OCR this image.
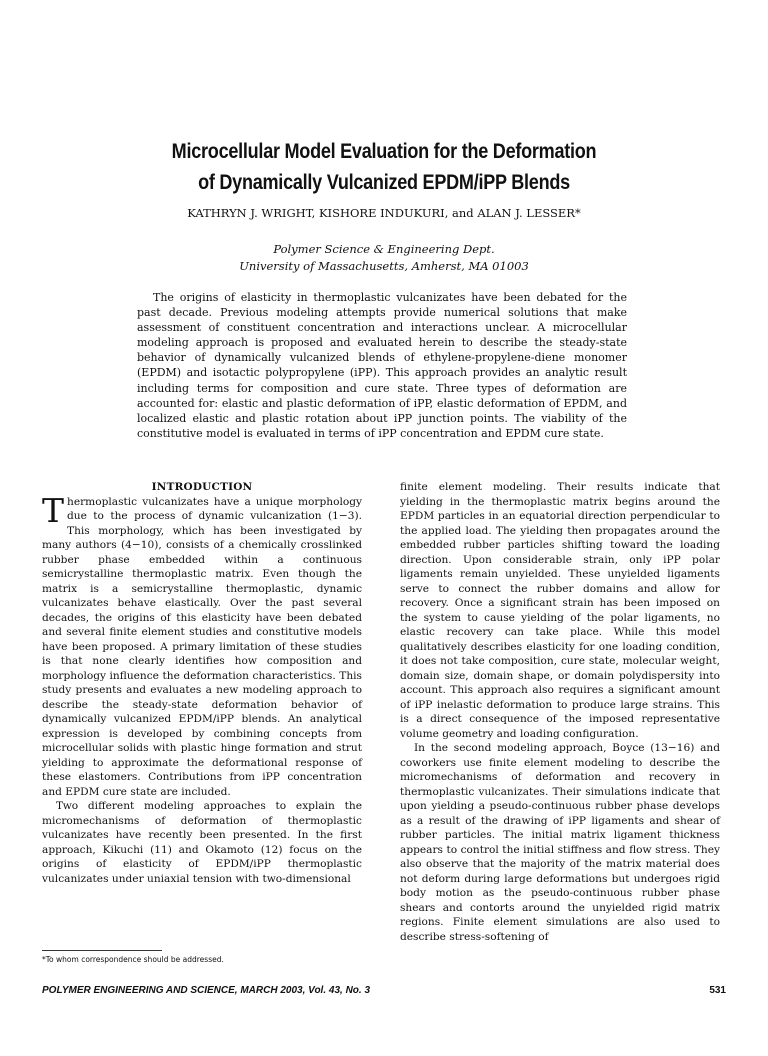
Microcellular Model Evaluation for the Deformation
of Dynamically Vulcanized EPDM/iPP Blends
KATHRYN J. WRIGHT, KISHORE INDUKURI, and ALAN J. LESSER*
Polymer Science & Engineering Dept.
University of Massachusetts, Amherst, MA 01003
The origins of elasticity in thermoplastic vulcanizates have been debated for the past decade. Previous modeling attempts provide numerical solutions that make assessment of constituent concentration and interactions unclear. A microcellular modeling approach is proposed and evaluated herein to describe the steady-state behavior of dynamically vulcanized blends of ethylene-propylene-diene monomer (EPDM) and isotactic polypropylene (iPP). This approach provides an analytic result including terms for composition and cure state. Three types of deformation are accounted for: elastic and plastic deformation of iPP, elastic deformation of EPDM, and localized elastic and plastic rotation about iPP junction points. The viability of the constitutive model is evaluated in terms of iPP concentration and EPDM cure state.

INTRODUCTION

Thermoplastic vulcanizates have a unique morphology due to the process of dynamic vulcanization (1−3). This morphology, which has been investigated by many authors (4−10), consists of a chemically crosslinked rubber phase embedded within a continuous semicrystalline thermoplastic matrix. Even though the matrix is a semicrystalline thermoplastic, dynamic vulcanizates behave elastically. Over the past several decades, the origins of this elasticity have been debated and several finite element studies and constitutive models have been proposed. A primary limitation of these studies is that none clearly identifies how composition and morphology influence the deformation characteristics. This study presents and evaluates a new modeling approach to describe the steady-state deformation behavior of dynamically vulcanized EPDM/iPP blends. An analytical expression is developed by combining concepts from microcellular solids with plastic hinge formation and strut yielding to approximate the deformational response of these elastomers. Contributions from iPP concentration and EPDM cure state are included.

Two different modeling approaches to explain the micromechanisms of deformation of thermoplastic vulcanizates have recently been presented. In the first approach, Kikuchi (11) and Okamoto (12) focus on the origins of elasticity of EPDM/iPP thermoplastic vulcanizates under uniaxial tension with two-dimensional

finite element modeling. Their results indicate that yielding in the thermoplastic matrix begins around the EPDM particles in an equatorial direction perpendicular to the applied load. The yielding then propagates around the embedded rubber particles shifting toward the loading direction. Upon considerable strain, only iPP polar ligaments remain unyielded. These unyielded ligaments serve to connect the rubber domains and allow for recovery. Once a significant strain has been imposed on the system to cause yielding of the polar ligaments, no elastic recovery can take place. While this model qualitatively describes elasticity for one loading condition, it does not take composition, cure state, molecular weight, domain size, domain shape, or domain polydispersity into account. This approach also requires a significant amount of iPP inelastic deformation to produce large strains. This is a direct consequence of the imposed representative volume geometry and loading configuration.

In the second modeling approach, Boyce (13−16) and coworkers use finite element modeling to describe the micromechanisms of deformation and recovery in thermoplastic vulcanizates. Their simulations indicate that upon yielding a pseudo-continuous rubber phase develops as a result of the drawing of iPP ligaments and shear of rubber particles. The initial matrix ligament thickness appears to control the initial stiffness and flow stress. They also observe that the majority of the matrix material does not deform during large deformations but undergoes rigid body motion as the pseudo-continuous rubber phase shears and contorts around the unyielded rigid matrix regions. Finite element simulations are also used to describe stress-softening of

*To whom correspondence should be addressed.
POLYMER ENGINEERING AND SCIENCE, MARCH 2003, Vol. 43, No. 3	531
